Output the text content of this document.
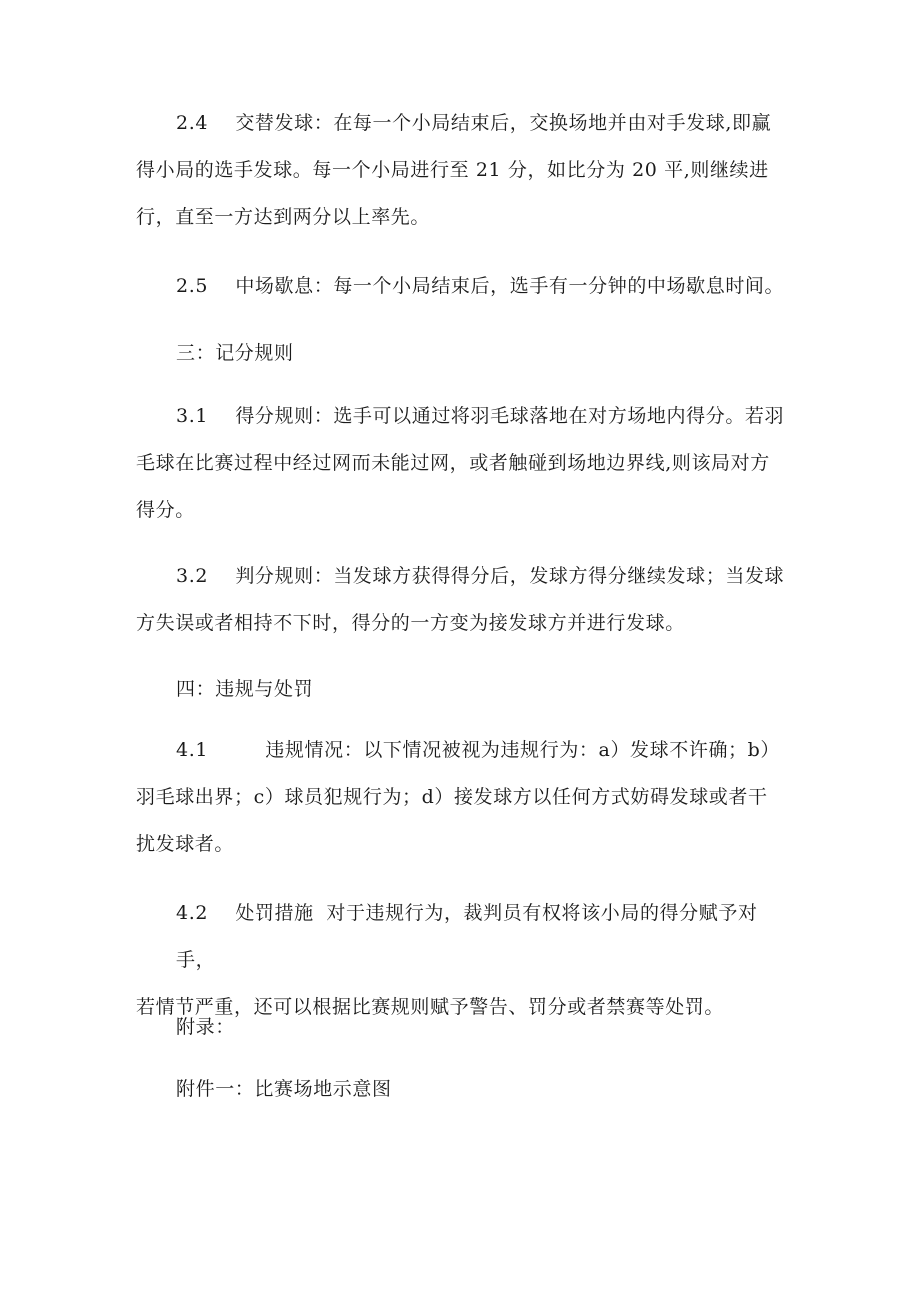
2.4 交替发球：在每一个小局结束后，交换场地并由对手发球,即赢
得小局的选手发球。每一个小局进行至 21 分，如比分为 20 平,则继续进
行，直至一方达到两分以上率先。
2.5 中场歇息：每一个小局结束后，选手有一分钟的中场歇息时间。
三：记分规则
3.1 得分规则：选手可以通过将羽毛球落地在对方场地内得分。若羽
毛球在比赛过程中经过网而未能过网，或者触碰到场地边界线,则该局对方
得分。
3.2 判分规则：当发球方获得得分后，发球方得分继续发球；当发球
方失误或者相持不下时，得分的一方变为接发球方并进行发球。
四：违规与处罚
4.1	违规情况：以下情况被视为违规行为：a）发球不许确；b）
羽毛球出界；c）球员犯规行为；d）接发球方以任何方式妨碍发球或者干
扰发球者。
4.2 处罚措施 对于违规行为，裁判员有权将该小局的得分赋予对手，
若情节严重，还可以根据比赛规则赋予警告、罚分或者禁赛等处罚。
附录：
附件一：比赛场地示意图
